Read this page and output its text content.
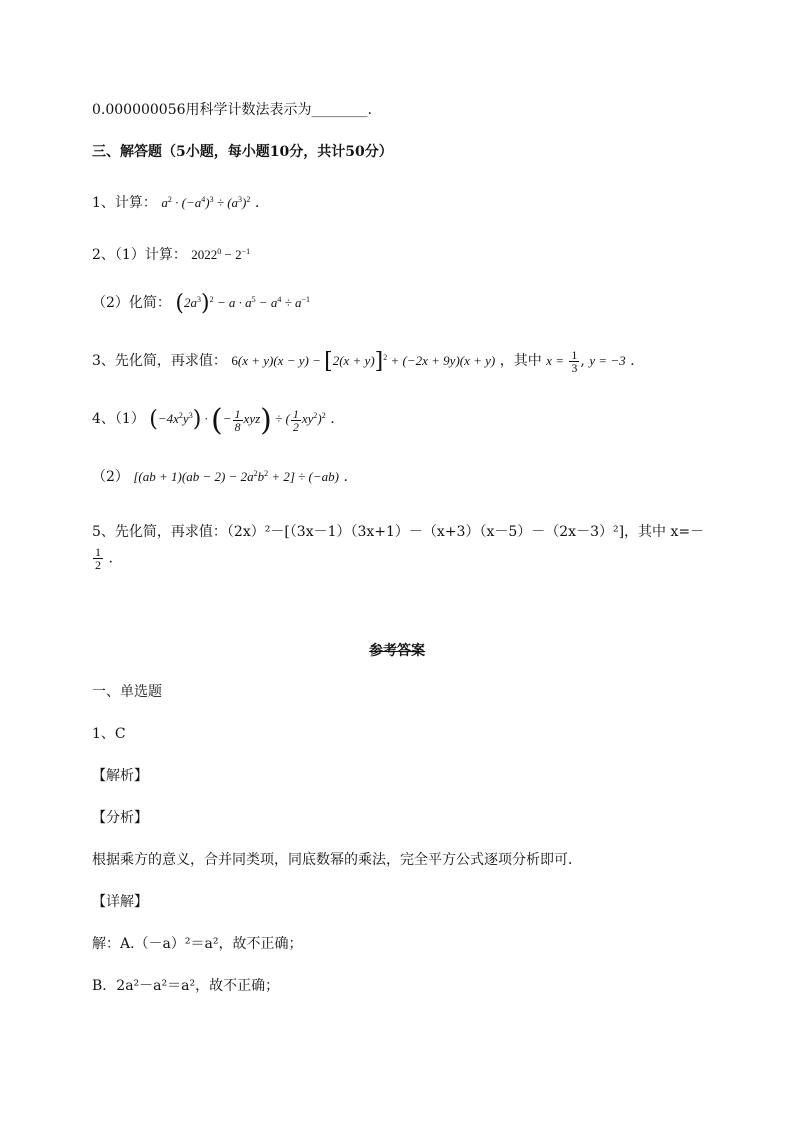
0.000000056用科学计数法表示为________.
三、解答题（5小题，每小题10分，共计50分）
1、计算： $a^2 \cdot (-a^4)^3 \div (a^3)^2$ .
2、（1）计算： $2022^0 - 2^{-1}$
（2）化简： $(2a^3)^2 - a \cdot a^5 - a^4 \div a^{-1}$
3、先化简，再求值： $6(x + y)(x - y) - [2(x + y)]^2 + (-2x + 9y)(x + y)$ ，其中 $x = \frac{1}{3}$ , y = −3 .
4、（1） $(-4x^2y^3)$ · (− $\frac{1}{8} xyz$) ÷ ( $\frac{1}{2} xy^2)^2$ .
（2） $[(ab + 1)(ab - 2) - 2a^2b^2 + 2] \div (-ab)$ .
5、先化简，再求值：（2x）²－[（3x－1）（3x+1）－（x+3）（x－5）－（2x－3）²]，其中 x=－
$\frac{1}{2}$ .
参考答案
一、单选题
1、C
【解析】
【分析】
根据乘方的意义，合并同类项，同底数幂的乘法，完全平方公式逐项分析即可．
【详解】
解：A.（－a）²＝a²，故不正确；
B．2a²－a²＝a²，故不正确；
